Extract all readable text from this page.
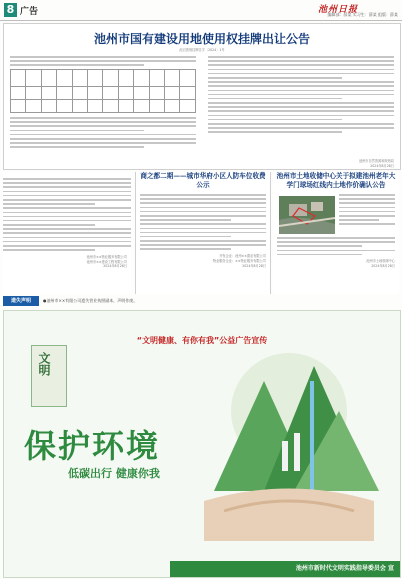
8 广告	池州日报
编辑部：薛某 实习生：薛某 组版：薛某
池州市国有建设用地使用权挂牌出让公告
池自资规挂牌告字〔2024〕1号

池州市自然资源和规划局
2024年8月28日
池州市××物业服务有限公司
池州市××建设工程有限公司
2024年8月28日
商之都二期——城市华府小区人防车位收费公示
开发企业：池州××置业有限公司
物业服务企业：××物业服务有限公司
2024年8月28日
池州市土地收储中心关于拟建池州老年大学门球场红线内土地作价确认公告
池州市土地收储中心
2024年8月28日
遗失声明	●池州市××有限公司遗失营业执照副本，声明作废。
“文明健康、有你有我”公益广告宣传
文明
保护环境
低碳出行 健康你我
池州市新时代文明实践指导委员会 宣
